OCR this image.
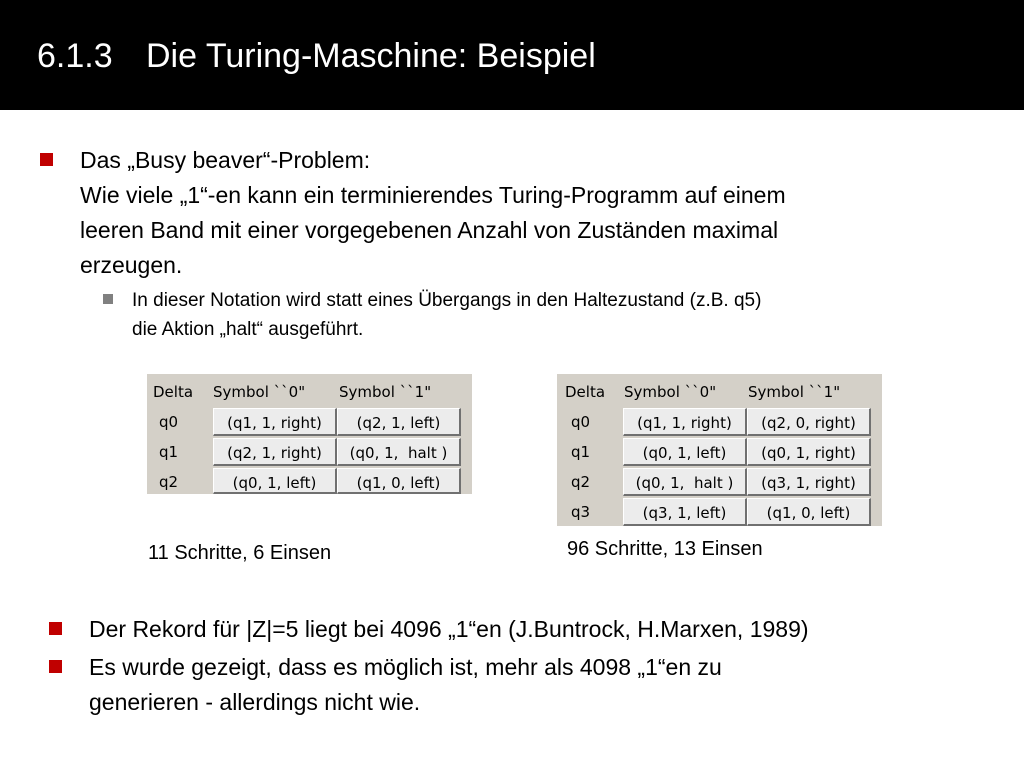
6.1.3 Die Turing-Maschine: Beispiel
Das „Busy beaver“-Problem:
Wie viele „1“-en kann ein terminierendes Turing-Programm auf einem
leeren Band mit einer vorgegebenen Anzahl von Zuständen maximal
erzeugen.
In dieser Notation wird statt eines Übergangs in den Haltezustand (z.B. q5)
die Aktion „halt“ ausgeführt.
Delta	Symbol ``0"	Symbol ``1"
q0	(q1, 1, right)	(q2, 1, left)
q1	(q2, 1, right)	(q0, 1,  halt )
q2	(q0, 1, left)	(q1, 0, left)
Delta	Symbol ``0"	Symbol ``1"
q0	(q1, 1, right)	(q2, 0, right)
q1	(q0, 1, left)	(q0, 1, right)
q2	(q0, 1,  halt )	(q3, 1, right)
q3	(q3, 1, left)	(q1, 0, left)
11 Schritte, 6 Einsen	96 Schritte, 13 Einsen
Der Rekord für |Z|=5 liegt bei 4096 „1“en (J.Buntrock, H.Marxen, 1989)
Es wurde gezeigt, dass es möglich ist, mehr als 4098 „1“en zu
generieren - allerdings nicht wie.
